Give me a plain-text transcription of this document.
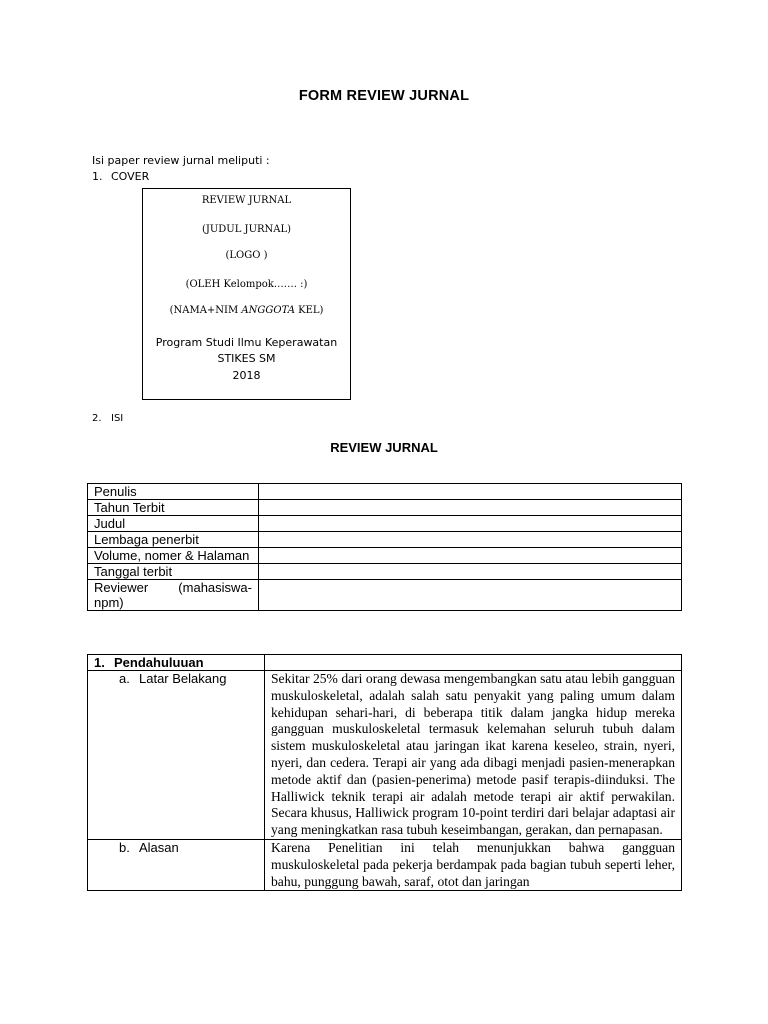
FORM REVIEW JURNAL
Isi paper review jurnal meliputi :
1. COVER
REVIEW JURNAL
(JUDUL JURNAL)
(LOGO )
(OLEH Kelompok……. :)
(NAMA+NIM ANGGOTA KEL)
Program Studi Ilmu Keperawatan
STIKES SM
2018
2. ISI
REVIEW JURNAL
Penulis	
Tahun Terbit	
Judul	
Lembaga penerbit	
Volume, nomer & Halaman	
Tanggal terbit	
Reviewer (mahasiswa-npm)	
1. Pendahuluuan	
a. Latar Belakang	Sekitar 25% dari orang dewasa mengembangkan satu atau lebih gangguan muskuloskeletal, adalah salah satu penyakit yang paling umum dalam kehidupan sehari-hari, di beberapa titik dalam jangka hidup mereka gangguan muskuloskeletal termasuk kelemahan seluruh tubuh dalam sistem muskuloskeletal atau jaringan ikat karena keseleo, strain, nyeri, nyeri, dan cedera. Terapi air yang ada dibagi menjadi pasien-menerapkan metode aktif dan (pasien-penerima) metode pasif terapis-diinduksi. The Halliwick teknik terapi air adalah metode terapi air aktif perwakilan. Secara khusus, Halliwick program 10-point terdiri dari belajar adaptasi air yang meningkatkan rasa tubuh keseimbangan, gerakan, dan pernapasan.
b. Alasan	Karena Penelitian ini telah menunjukkan bahwa gangguan muskuloskeletal pada pekerja berdampak pada bagian tubuh seperti leher, bahu, punggung bawah, saraf, otot dan jaringan
